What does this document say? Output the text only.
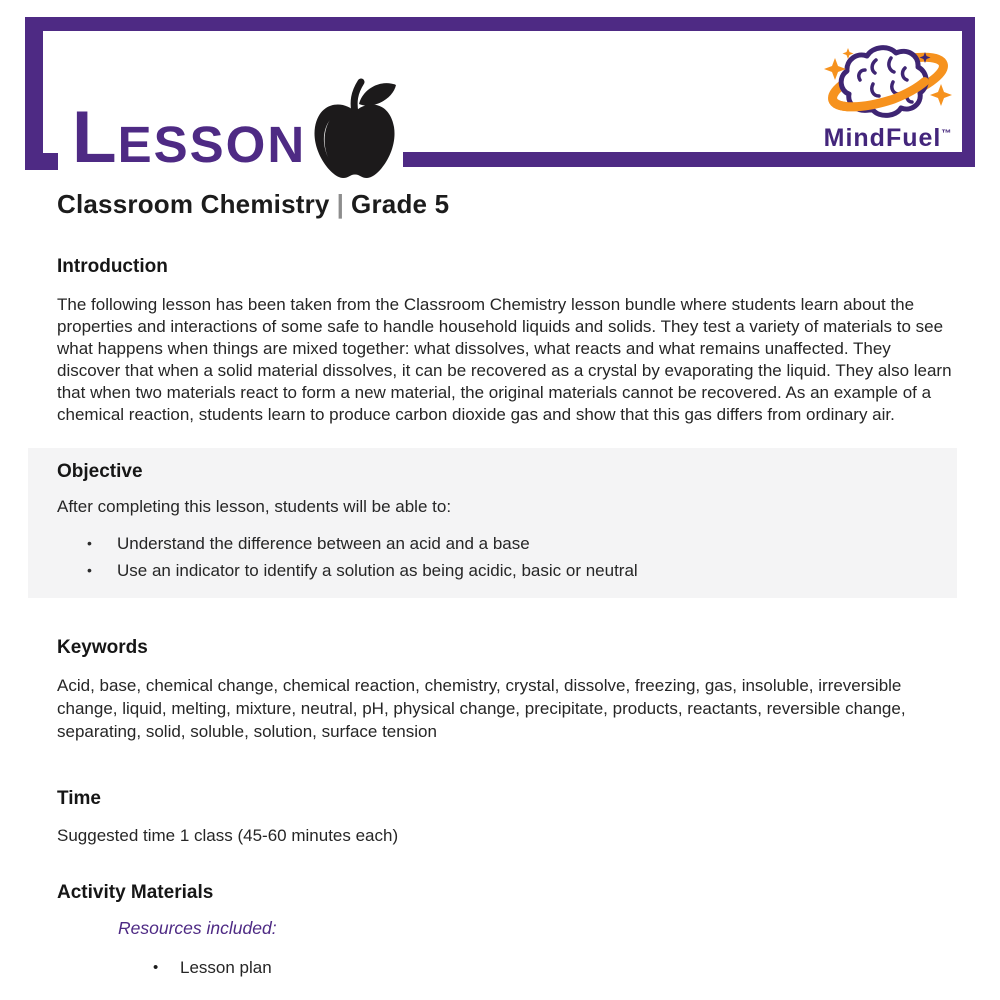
L ESSON	MindFuel™
Classroom Chemistry | Grade 5
Introduction

The following lesson has been taken from the Classroom Chemistry lesson bundle where students learn about the properties and interactions of some safe to handle household liquids and solids. They test a variety of materials to see what happens when things are mixed together: what dissolves, what reacts and what remains unaffected. They discover that when a solid material dissolves, it can be recovered as a crystal by evaporating the liquid. They also learn that when two materials react to form a new material, the original materials cannot be recovered. As an example of a chemical reaction, students learn to produce carbon dioxide gas and show that this gas differs from ordinary air.

Objective

After completing this lesson, students will be able to:

• Understand the difference between an acid and a base
• Use an indicator to identify a solution as being acidic, basic or neutral
Keywords

Acid, base, chemical change, chemical reaction, chemistry, crystal, dissolve, freezing, gas, insoluble, irreversible change, liquid, melting, mixture, neutral, pH, physical change, precipitate, products, reactants, reversible change, separating, solid, soluble, solution, surface tension

Time

Suggested time 1 class (45-60 minutes each)

Activity Materials

Resources included:

• Lesson plan
